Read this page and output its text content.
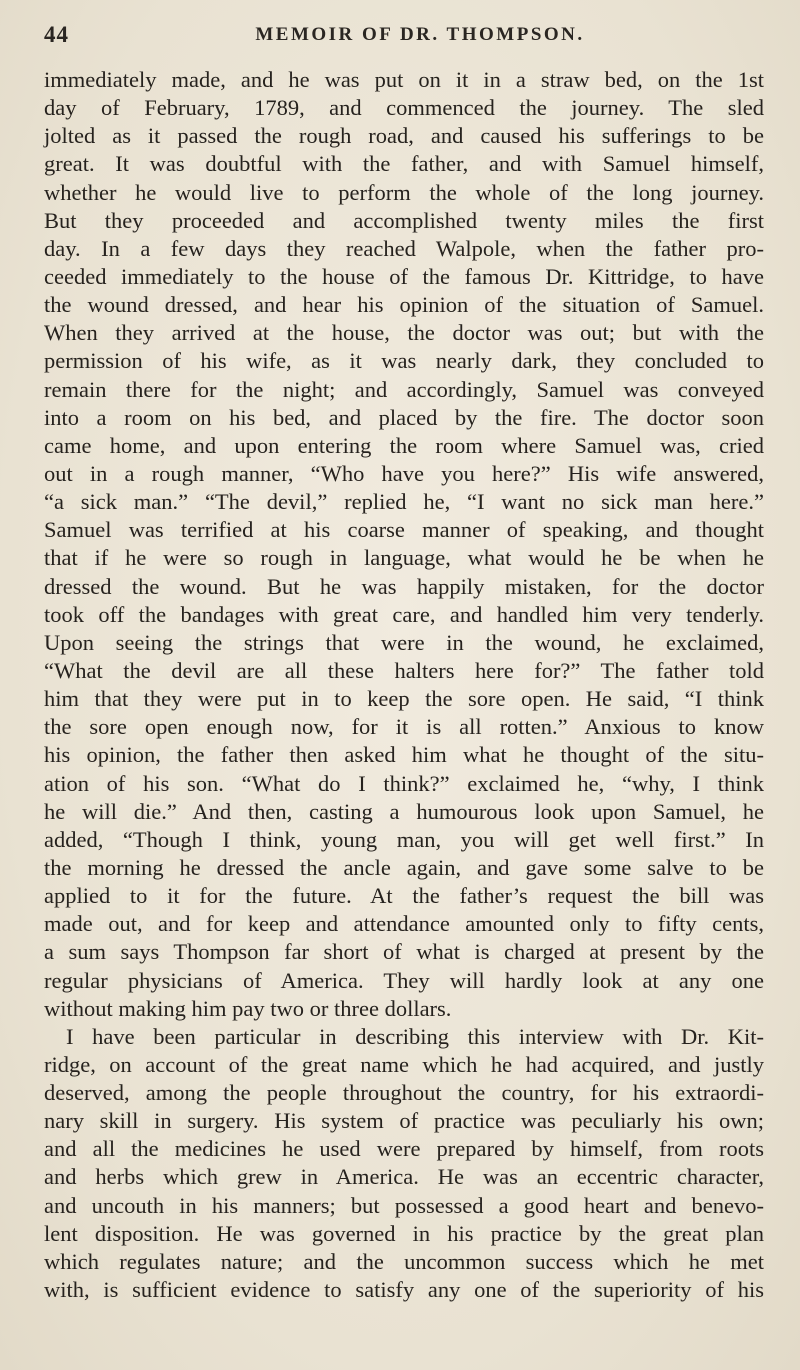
44	MEMOIR OF DR. THOMPSON.
immediately made, and he was put on it in a straw bed, on the 1st
day of February, 1789, and commenced the journey. The sled
jolted as it passed the rough road, and caused his sufferings to be
great. It was doubtful with the father, and with Samuel himself,
whether he would live to perform the whole of the long journey.
But they proceeded and accomplished twenty miles the first
day. In a few days they reached Walpole, when the father pro-
ceeded immediately to the house of the famous Dr. Kittridge, to have
the wound dressed, and hear his opinion of the situation of Samuel.
When they arrived at the house, the doctor was out; but with the
permission of his wife, as it was nearly dark, they concluded to
remain there for the night; and accordingly, Samuel was conveyed
into a room on his bed, and placed by the fire. The doctor soon
came home, and upon entering the room where Samuel was, cried
out in a rough manner, “Who have you here?” His wife answered,
“a sick man.” “The devil,” replied he, “I want no sick man here.”
Samuel was terrified at his coarse manner of speaking, and thought
that if he were so rough in language, what would he be when he
dressed the wound. But he was happily mistaken, for the doctor
took off the bandages with great care, and handled him very tenderly.
Upon seeing the strings that were in the wound, he exclaimed,
“What the devil are all these halters here for?” The father told
him that they were put in to keep the sore open. He said, “I think
the sore open enough now, for it is all rotten.” Anxious to know
his opinion, the father then asked him what he thought of the situ-
ation of his son. “What do I think?” exclaimed he, “why, I think
he will die.” And then, casting a humourous look upon Samuel, he
added, “Though I think, young man, you will get well first.” In
the morning he dressed the ancle again, and gave some salve to be
applied to it for the future. At the father’s request the bill was
made out, and for keep and attendance amounted only to fifty cents,
a sum says Thompson far short of what is charged at present by the
regular physicians of America. They will hardly look at any one
without making him pay two or three dollars.
I have been particular in describing this interview with Dr. Kit-
ridge, on account of the great name which he had acquired, and justly
deserved, among the people throughout the country, for his extraordi-
nary skill in surgery. His system of practice was peculiarly his own;
and all the medicines he used were prepared by himself, from roots
and herbs which grew in America. He was an eccentric character,
and uncouth in his manners; but possessed a good heart and benevo-
lent disposition. He was governed in his practice by the great plan
which regulates nature; and the uncommon success which he met
with, is sufficient evidence to satisfy any one of the superiority of his
